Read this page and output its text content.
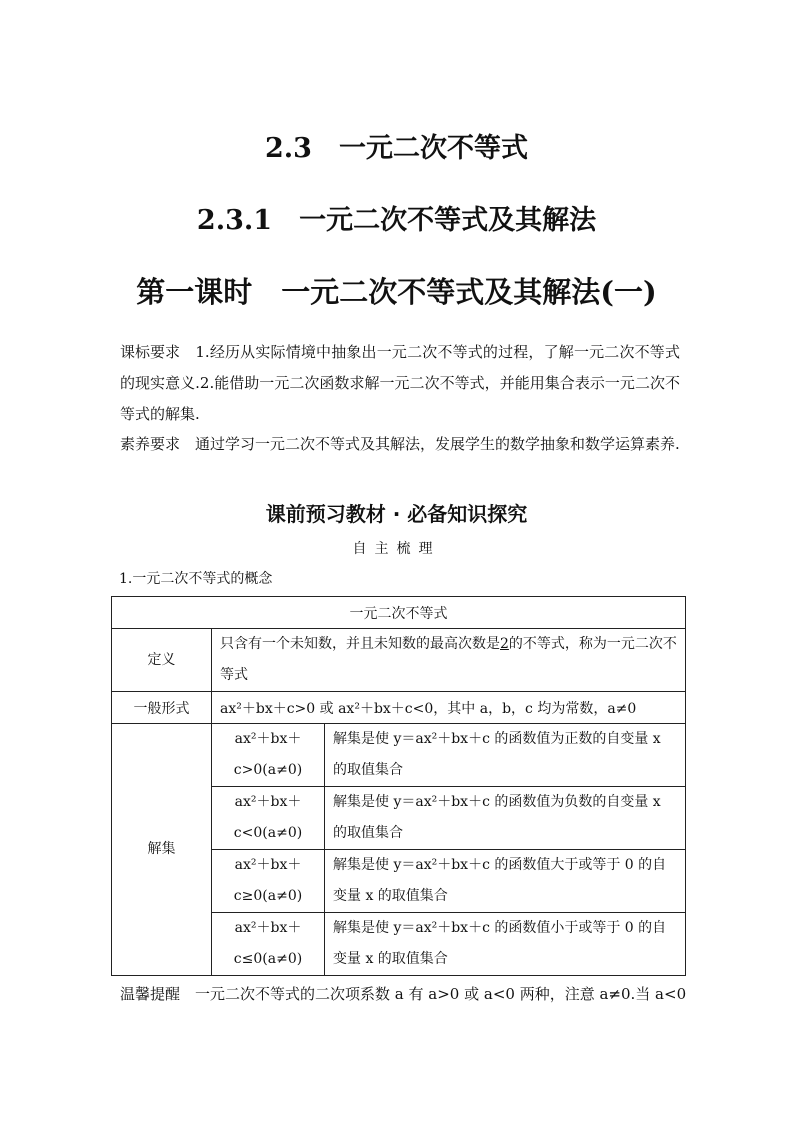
2.3　一元二次不等式
2.3.1　一元二次不等式及其解法
第一课时　一元二次不等式及其解法(一)
课标要求　 1.经历从实际情境中抽象出一元二次不等式的过程，了解一元二次不等式的现实意义.2.能借助一元二次函数求解一元二次不等式，并能用集合表示一元二次不等式的解集.
素养要求　 通过学习一元二次不等式及其解法，发展学生的数学抽象和数学运算素养.
课前预习教材 · 必备知识探究
自主梳理
1.一元二次不等式的概念
一元二次不等式		
定义	只含有一个未知数，并且未知数的最高次数是2的不等式，称为一元二次不等式	
一般形式	ax²＋bx＋c>0 或 ax²＋bx＋c<0，其中 a，b，c 均为常数，a≠0	
解集	ax²＋bx＋c>0(a≠0)	解集是使 y＝ax²＋bx＋c 的函数值为正数的自变量 x 的取值集合
	ax²＋bx＋c<0(a≠0)	解集是使 y＝ax²＋bx＋c 的函数值为负数的自变量 x 的取值集合
	ax²＋bx＋c≥0(a≠0)	解集是使 y＝ax²＋bx＋c 的函数值大于或等于 0 的自变量 x 的取值集合
	ax²＋bx＋c≤0(a≠0)	解集是使 y＝ax²＋bx＋c 的函数值小于或等于 0 的自变量 x 的取值集合
温馨提醒　 一元二次不等式的二次项系数 a 有 a>0 或 a<0 两种，注意 a≠0.当 a<0
